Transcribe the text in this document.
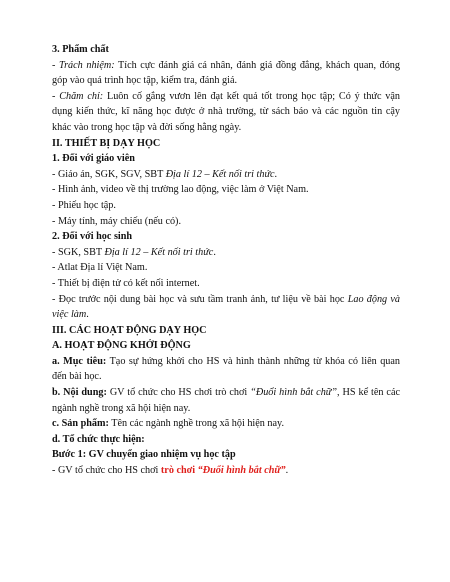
3. Phẩm chất

- Trách nhiệm: Tích cực đánh giá cá nhân, đánh giá đồng đẳng, khách quan, đóng góp vào quá trình học tập, kiểm tra, đánh giá.

- Chăm chỉ: Luôn cố gắng vươn lên đạt kết quả tốt trong học tập; Có ý thức vận dụng kiến thức, kĩ năng học được ở nhà trường, từ sách báo và các nguồn tin cậy khác vào trong học tập và đời sống hằng ngày.

II. THIẾT BỊ DẠY HỌC

1. Đối với giáo viên

- Giáo án, SGK, SGV, SBT Địa lí 12 – Kết nối tri thức.

- Hình ảnh, video về thị trường lao động, việc làm ở Việt Nam.

- Phiếu học tập.

- Máy tính, máy chiếu (nếu có).

2. Đối với học sinh

- SGK, SBT Địa lí 12 – Kết nối tri thức.

- Atlat Địa lí Việt Nam.

- Thiết bị điện tử có kết nối internet.

- Đọc trước nội dung bài học và sưu tầm tranh ảnh, tư liệu về bài học Lao động và việc làm.

III. CÁC HOẠT ĐỘNG DẠY HỌC

A. HOẠT ĐỘNG KHỞI ĐỘNG

a. Mục tiêu: Tạo sự hứng khởi cho HS và hình thành những từ khóa có liên quan đến bài học.

b. Nội dung: GV tổ chức cho HS chơi trò chơi “Đuổi hình bắt chữ”, HS kể tên các ngành nghề trong xã hội hiện nay.

c. Sản phẩm: Tên các ngành nghề trong xã hội hiện nay.

d. Tổ chức thực hiện:

Bước 1: GV chuyển giao nhiệm vụ học tập

- GV tổ chức cho HS chơi trò chơi “Đuổi hình bắt chữ”.
